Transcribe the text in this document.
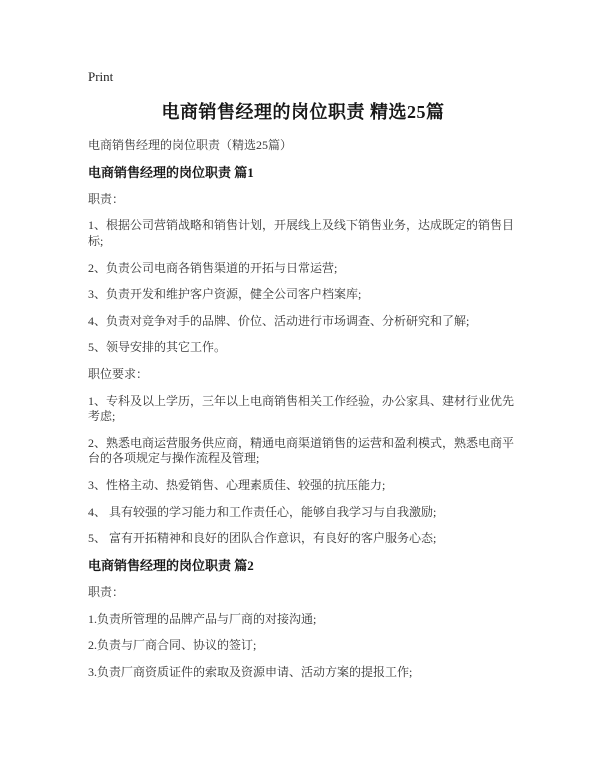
Print
电商销售经理的岗位职责 精选25篇

电商销售经理的岗位职责（精选25篇）

电商销售经理的岗位职责 篇1

职责：

1、根据公司营销战略和销售计划，开展线上及线下销售业务，达成既定的销售目标;

2、负责公司电商各销售渠道的开拓与日常运营;

3、负责开发和维护客户资源，健全公司客户档案库;

4、负责对竞争对手的品牌、价位、活动进行市场调查、分析研究和了解;

5、领导安排的其它工作。

职位要求：

1、专科及以上学历，三年以上电商销售相关工作经验，办公家具、建材行业优先考虑;

2、熟悉电商运营服务供应商，精通电商渠道销售的运营和盈利模式，熟悉电商平台的各项规定与操作流程及管理;

3、性格主动、热爱销售、心理素质佳、较强的抗压能力;

4、 具有较强的学习能力和工作责任心，能够自我学习与自我激励;

5、 富有开拓精神和良好的团队合作意识，有良好的客户服务心态;

电商销售经理的岗位职责 篇2

职责：

1.负责所管理的品牌产品与厂商的对接沟通;

2.负责与厂商合同、协议的签订;

3.负责厂商资质证件的索取及资源申请、活动方案的提报工作;
